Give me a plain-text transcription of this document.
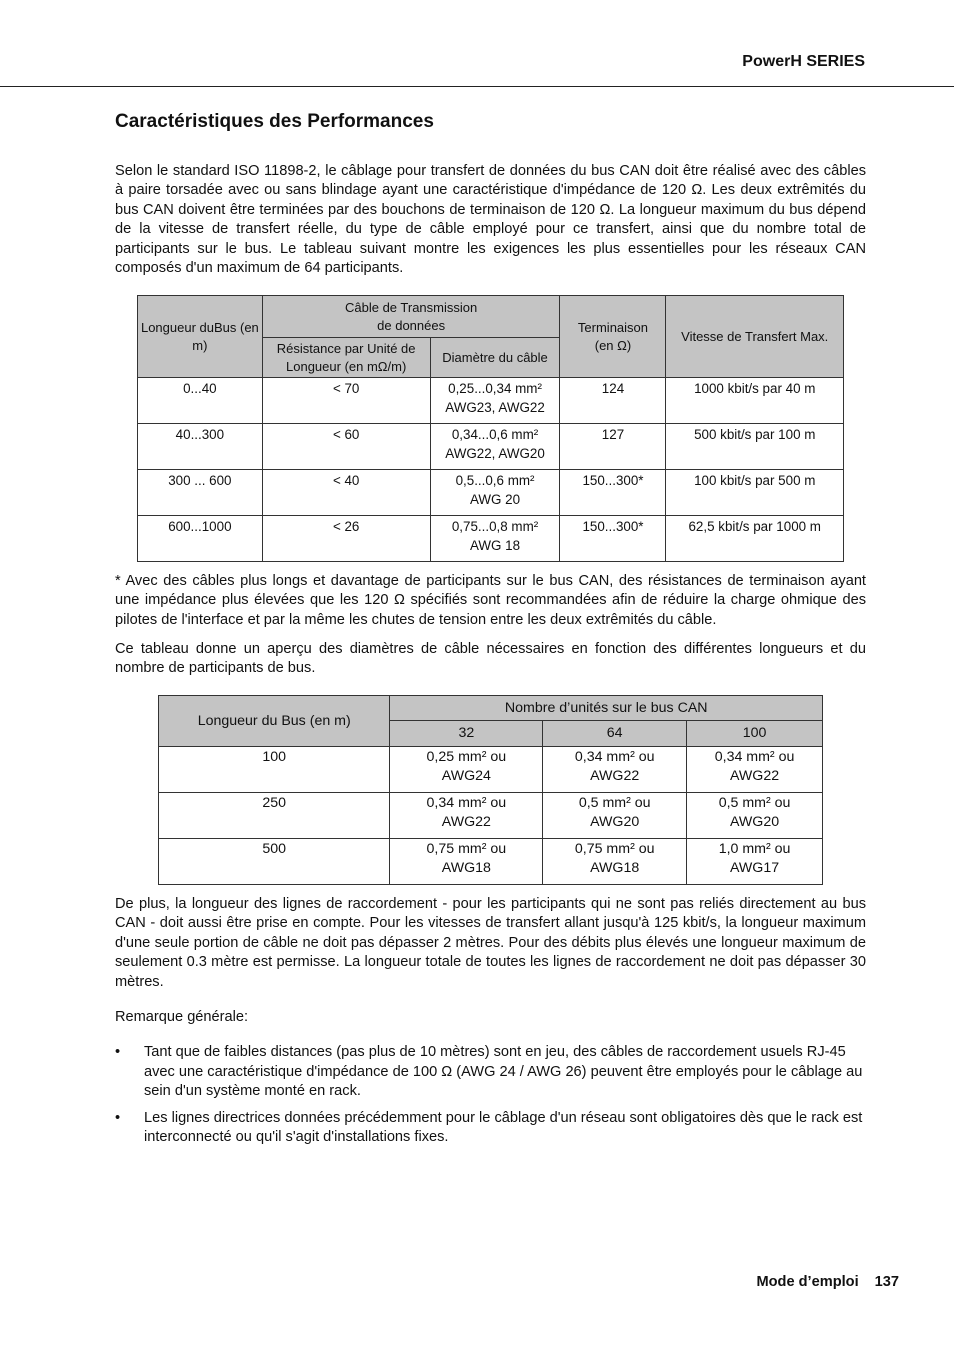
PowerH SERIES
Caractéristiques des Performances

Selon le standard ISO 11898-2, le câblage pour transfert de données du bus CAN doit être réalisé avec des câbles à paire torsadée avec ou sans blindage ayant une caractéristique d'impédance de 120 Ω. Les deux extrêmités du bus CAN doivent être terminées par des bouchons de terminaison de 120 Ω. La longueur maximum du bus dépend de la vitesse de transfert réelle, du type de câble employé pour ce transfert, ainsi que du nombre total de participants sur le bus. Le tableau suivant montre les exigences les plus essentielles pour les réseaux CAN composés d'un maximum de 64 participants.

Longueur duBus (en m)	Câble de Transmission de données		Terminaison (en Ω)	Vitesse de Transfert Max.
	Résistance par Unité de Longueur (en mΩ/m)	Diamètre du câble		
0...40	< 70	0,25...0,34 mm² AWG23, AWG22	124	1000 kbit/s par 40 m
40...300	< 60	0,34...0,6 mm² AWG22, AWG20	127	500 kbit/s par 100 m
300 ... 600	< 40	0,5...0,6 mm² AWG 20	150...300*	100 kbit/s par 500 m
600...1000	< 26	0,75...0,8 mm² AWG 18	150...300*	62,5 kbit/s par 1000 m

* Avec des câbles plus longs et davantage de participants sur le bus CAN, des résistances de terminaison ayant une impédance plus élevées que les 120 Ω spécifiés sont recommandées afin de réduire la charge ohmique des pilotes de l'interface et par la même les chutes de tension entre les deux extrêmités du câble.

Ce tableau donne un aperçu des diamètres de câble nécessaires en fonction des différentes longueurs et du nombre de participants de bus.

Longueur du Bus (en m)	Nombre d’unités sur le bus CAN		
	32	64	100
100	0,25 mm² ou AWG24	0,34 mm² ou AWG22	0,34 mm² ou AWG22
250	0,34 mm² ou AWG22	0,5 mm² ou AWG20	0,5 mm² ou AWG20
500	0,75 mm² ou AWG18	0,75 mm² ou AWG18	1,0 mm² ou AWG17

De plus, la longueur des lignes de raccordement - pour les participants qui ne sont pas reliés directement au bus CAN - doit aussi être prise en compte. Pour les vitesses de transfert allant jusqu'à 125 kbit/s, la longueur maximum d'une seule portion de câble ne doit pas dépasser 2 mètres. Pour des débits plus élevés une longueur maximum de seulement 0.3 mètre est permisse. La longueur totale de toutes les lignes de raccordement ne doit pas dépasser 30 mètres.

Remarque générale:

• Tant que de faibles distances (pas plus de 10 mètres) sont en jeu, des câbles de raccordement usuels RJ-45 avec une caractéristique d'impédance de 100 Ω (AWG 24 / AWG 26) peuvent être employés pour le câblage au sein d'un système monté en rack.
• Les lignes directrices données précédemment pour le câblage d'un réseau sont obligatoires dès que le rack est interconnecté ou qu'il s'agit d'installations fixes.
Mode d’emploi 137
